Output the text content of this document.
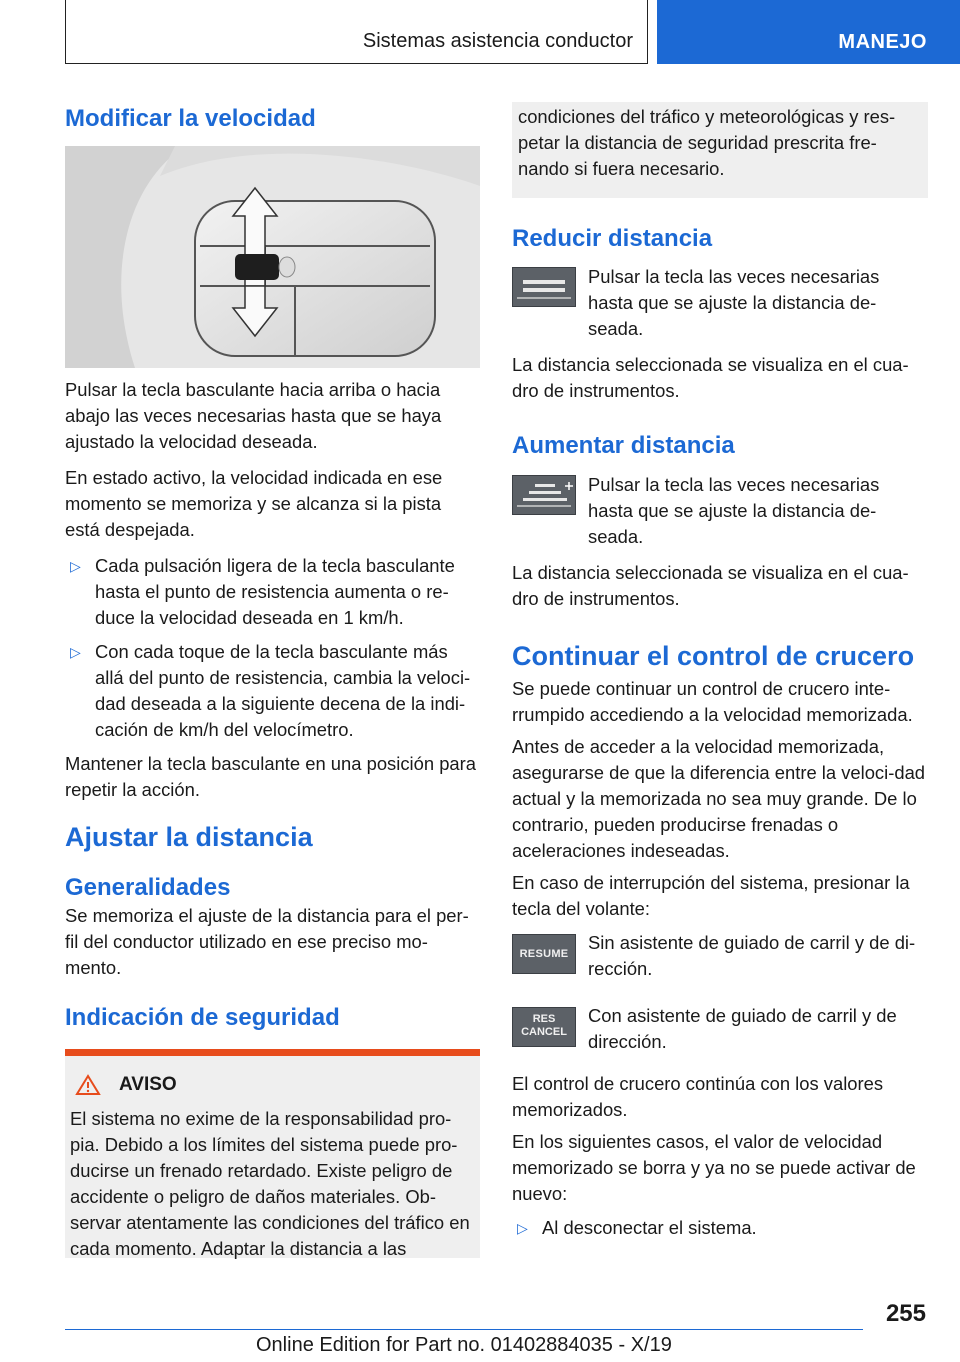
Sistemas asistencia conductor	MANEJO

Modificar la velocidad

Pulsar la tecla basculante hacia arriba o hacia abajo las veces necesarias hasta que se haya ajustado la velocidad deseada.

En estado activo, la velocidad indicada en ese momento se memoriza y se alcanza si la pista está despejada.

▷ Cada pulsación ligera de la tecla basculante hasta el punto de resistencia aumenta o re‐duce la velocidad deseada en 1 km/h.
▷ Con cada toque de la tecla basculante más allá del punto de resistencia, cambia la veloci‐dad deseada a la siguiente decena de la indi‐cación de km/h del velocímetro.

Mantener la tecla basculante en una posición para repetir la acción.

Ajustar la distancia

Generalidades

Se memoriza el ajuste de la distancia para el per‐fil del conductor utilizado en ese preciso mo‐mento.

Indicación de seguridad

AVISO

El sistema no exime de la responsabilidad pro‐pia. Debido a los límites del sistema puede pro‐ducirse un frenado retardado. Existe peligro de accidente o peligro de daños materiales. Ob‐servar atentamente las condiciones del tráfico en cada momento. Adaptar la distancia a las

condiciones del tráfico y meteorológicas y res‐petar la distancia de seguridad prescrita fre‐nando si fuera necesario.

Reducir distancia

Pulsar la tecla las veces necesarias hasta que se ajuste la distancia de‐seada.

La distancia seleccionada se visualiza en el cua‐dro de instrumentos.

Aumentar distancia

Pulsar la tecla las veces necesarias hasta que se ajuste la distancia de‐seada.

La distancia seleccionada se visualiza en el cua‐dro de instrumentos.

Continuar el control de crucero

Se puede continuar un control de crucero inte‐rrumpido accediendo a la velocidad memorizada.

Antes de acceder a la velocidad memorizada, asegurarse de que la diferencia entre la veloci‐dad actual y la memorizada no sea muy grande. De lo contrario, pueden producirse frenadas o aceleraciones indeseadas.

En caso de interrupción del sistema, presionar la tecla del volante:

RESUME

Sin asistente de guiado de carril y de di‐rección.

RES
CANCEL

Con asistente de guiado de carril y de dirección.

El control de crucero continúa con los valores memorizados.

En los siguientes casos, el valor de velocidad memorizado se borra y ya no se puede activar de nuevo:

▷ Al desconectar el sistema.
255
Online Edition for Part no. 01402884035 - X/19
